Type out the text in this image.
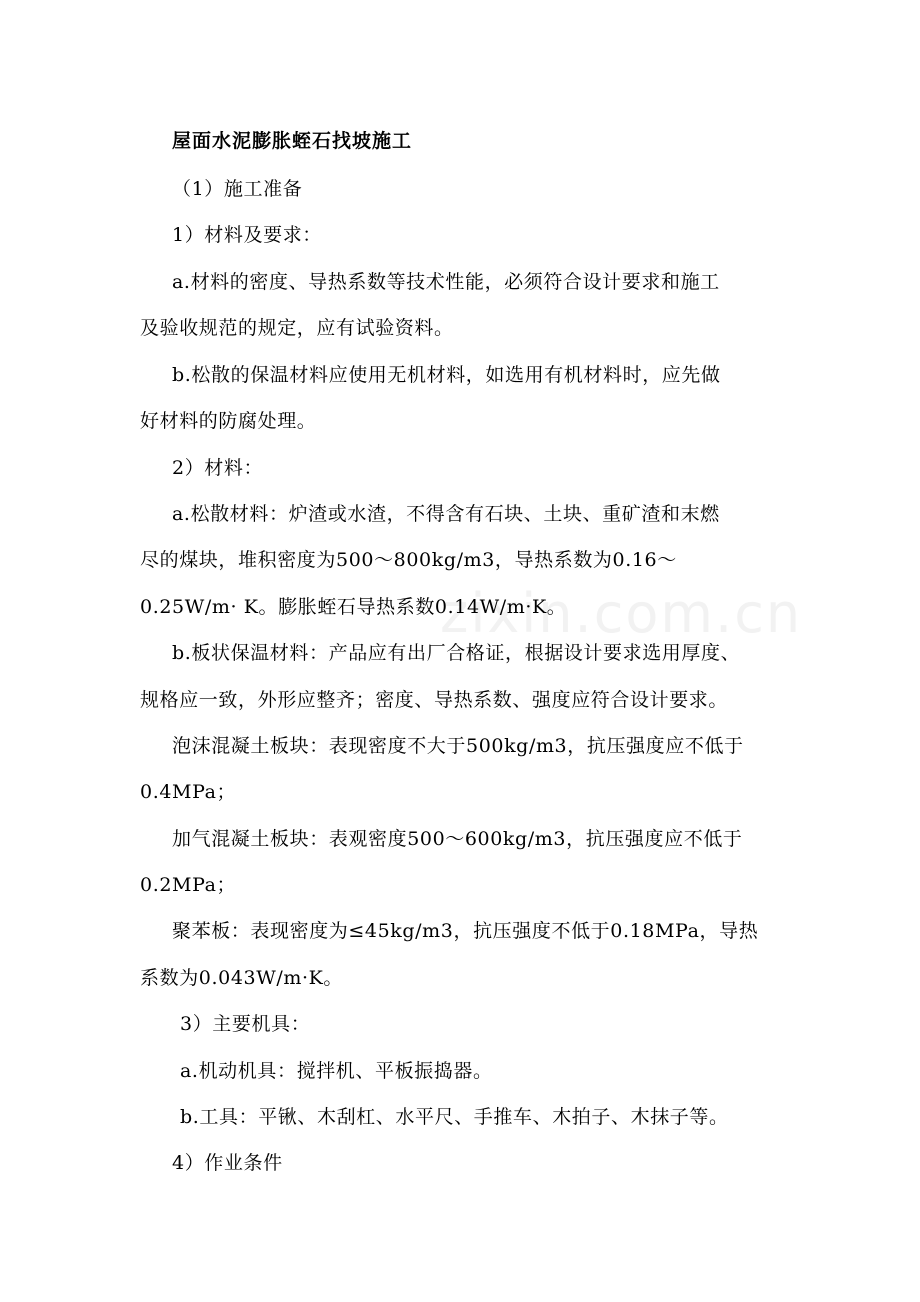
zixin.com.cn
屋面水泥膨胀蛭石找坡施工
（1）施工准备
1）材料及要求：
a.材料的密度、导热系数等技术性能，必须符合设计要求和施工
及验收规范的规定，应有试验资料。
b.松散的保温材料应使用无机材料，如选用有机材料时，应先做
好材料的防腐处理。
2）材料：
a.松散材料：炉渣或水渣，不得含有石块、土块、重矿渣和末燃
尽的煤块，堆积密度为500～800kg/m3，导热系数为0.16～
0.25W/m· K。膨胀蛭石导热系数0.14W/m·K。
b.板状保温材料：产品应有出厂合格证，根据设计要求选用厚度、
规格应一致，外形应整齐；密度、导热系数、强度应符合设计要求。
泡沫混凝土板块：表现密度不大于500kg/m3，抗压强度应不低于
0.4MPa；
加气混凝土板块：表观密度500～600kg/m3，抗压强度应不低于
0.2MPa；
聚苯板：表现密度为≤45kg/m3，抗压强度不低于0.18MPa，导热
系数为0.043W/m·K。
3）主要机具：
a.机动机具：搅拌机、平板振捣器。
b.工具：平锹、木刮杠、水平尺、手推车、木拍子、木抹子等。
4）作业条件
